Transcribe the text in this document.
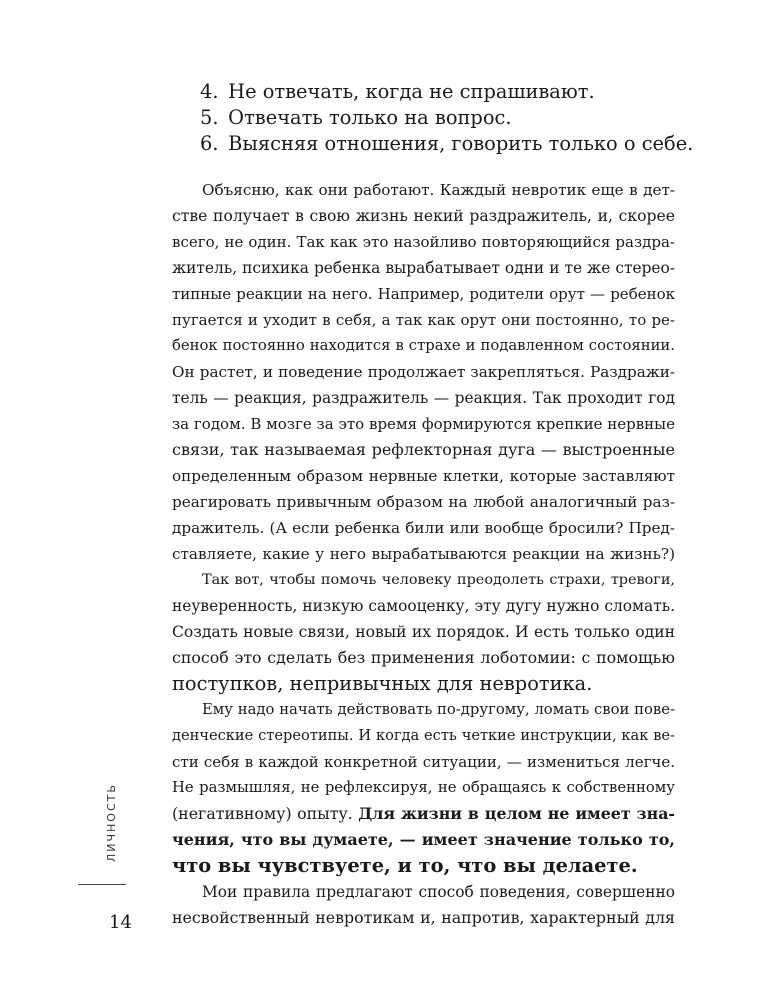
4. Не отвечать, когда не спрашивают.
5. Отвечать только на вопрос.
6. Выясняя отношения, говорить только о себе.
Объясню, как они работают. Каждый невротик еще в дет-
стве получает в свою жизнь некий раздражитель, и, скорее
всего, не один. Так как это назойливо повторяющийся раздра-
житель, психика ребенка вырабатывает одни и те же стерео-
типные реакции на него. Например, родители орут — ребенок
пугается и уходит в себя, а так как орут они постоянно, то ре-
бенок постоянно находится в страхе и подавленном состоянии.
Он растет, и поведение продолжает закрепляться. Раздражи-
тель — реакция, раздражитель — реакция. Так проходит год
за годом. В мозге за это время формируются крепкие нервные
связи, так называемая рефлекторная дуга — выстроенные
определенным образом нервные клетки, которые заставляют
реагировать привычным образом на любой аналогичный раз-
дражитель. (А если ребенка били или вообще бросили? Пред-
ставляете, какие у него вырабатываются реакции на жизнь?)
Так вот, чтобы помочь человеку преодолеть страхи, тревоги,
неуверенность, низкую самооценку, эту дугу нужно сломать.
Создать новые связи, новый их порядок. И есть только один
способ это сделать без применения лоботомии: с помощью
поступков, непривычных для невротика.
Ему надо начать действовать по-другому, ломать свои пове-
денческие стереотипы. И когда есть четкие инструкции, как ве-
сти себя в каждой конкретной ситуации, — измениться легче.
Не размышляя, не рефлексируя, не обращаясь к собственному
(негативному) опыту. Для жизни в целом не имеет зна-
чения, что вы думаете, — имеет значение только то,
что вы чувствуете, и то, что вы делаете.
Мои правила предлагают способ поведения, совершенно
несвойственный невротикам и, напротив, характерный для
ЛИЧНОСТЬ
14
